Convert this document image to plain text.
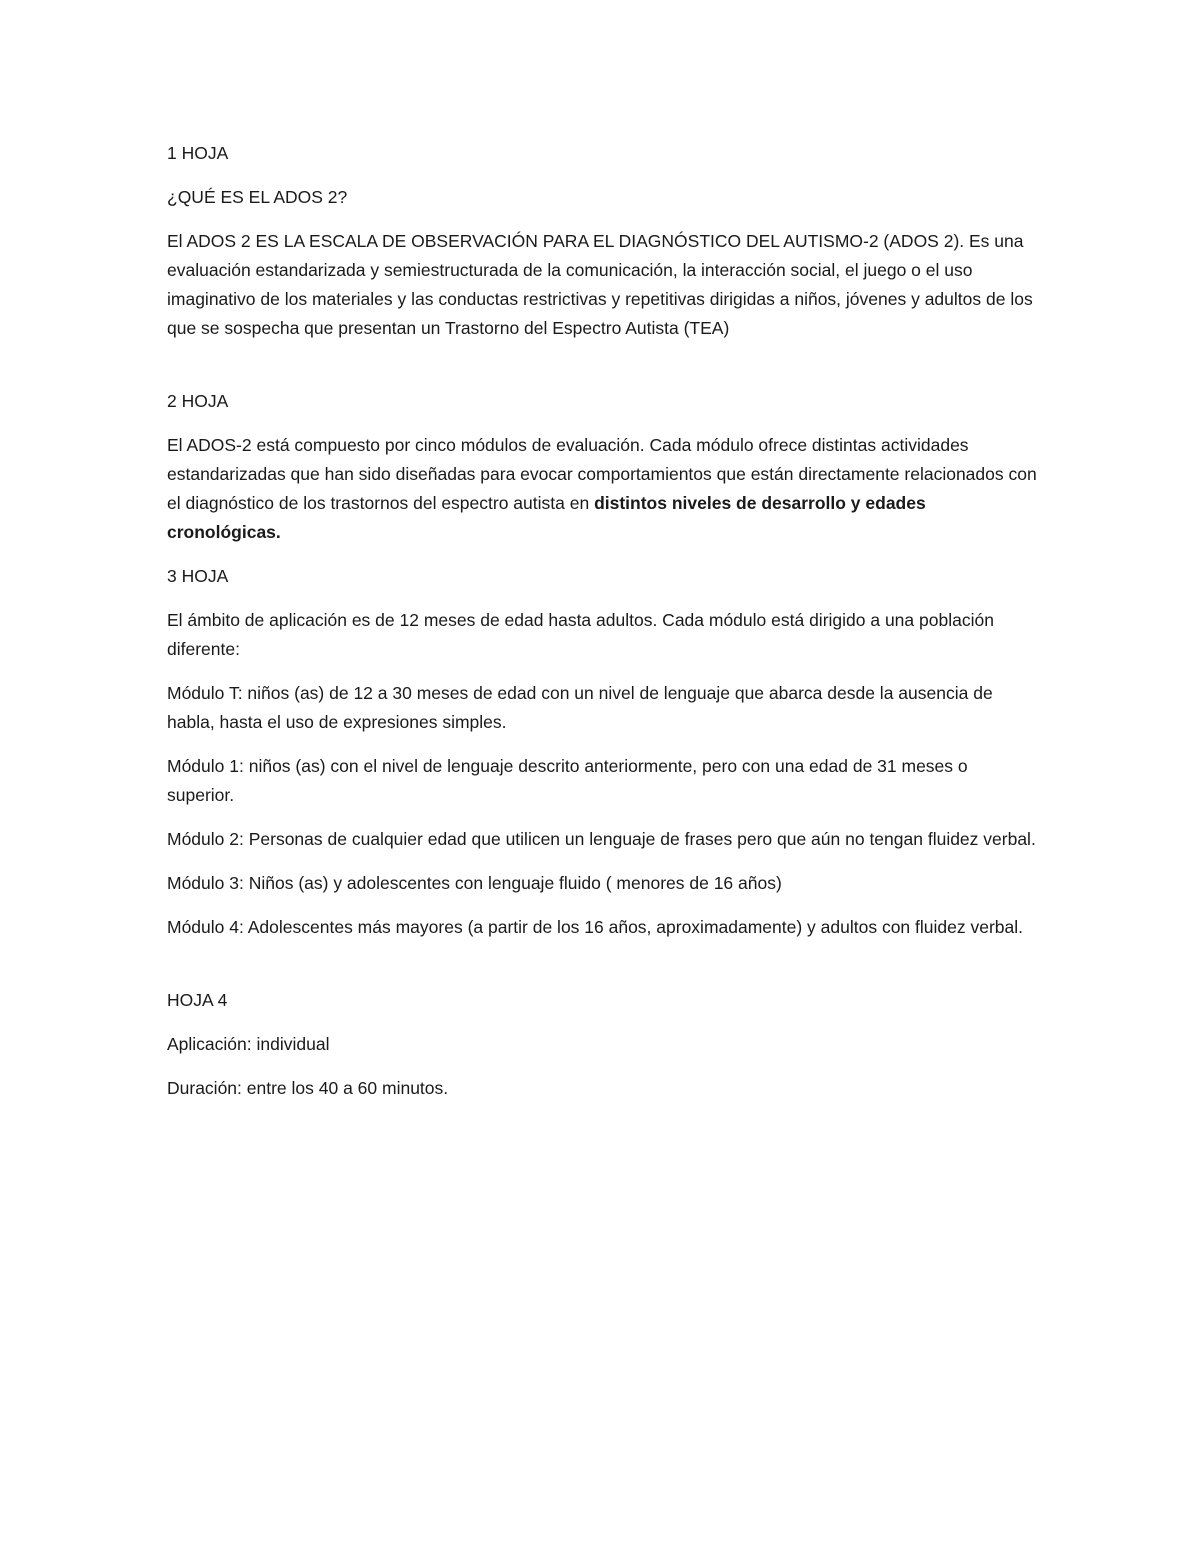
1 HOJA

¿QUÉ ES EL ADOS 2?

El ADOS 2 ES LA ESCALA DE OBSERVACIÓN PARA EL DIAGNÓSTICO DEL AUTISMO-2 (ADOS 2). Es una evaluación estandarizada y semiestructurada de la comunicación, la interacción social, el juego o el uso imaginativo de los materiales y las conductas restrictivas y repetitivas dirigidas a niños, jóvenes y adultos de los que se sospecha que presentan un Trastorno del Espectro Autista (TEA)

2 HOJA

El ADOS-2 está compuesto por cinco módulos de evaluación. Cada módulo ofrece distintas actividades estandarizadas que han sido diseñadas para evocar comportamientos que están directamente relacionados con el diagnóstico de los trastornos del espectro autista en distintos niveles de desarrollo y edades cronológicas.

3 HOJA

El ámbito de aplicación es de 12 meses de edad hasta adultos. Cada módulo está dirigido a una población diferente:

Módulo T: niños (as) de 12 a 30 meses de edad con un nivel de lenguaje que abarca desde la ausencia de habla, hasta el uso de expresiones simples.

Módulo 1: niños (as) con el nivel de lenguaje descrito anteriormente, pero con una edad de 31 meses o superior.

Módulo 2: Personas de cualquier edad que utilicen un lenguaje de frases pero que aún no tengan fluidez verbal.

Módulo 3: Niños (as) y adolescentes con lenguaje fluido ( menores de 16 años)

Módulo 4: Adolescentes más mayores (a partir de los 16 años, aproximadamente) y adultos con fluidez verbal.

HOJA 4

Aplicación: individual

Duración: entre los 40 a 60 minutos.
